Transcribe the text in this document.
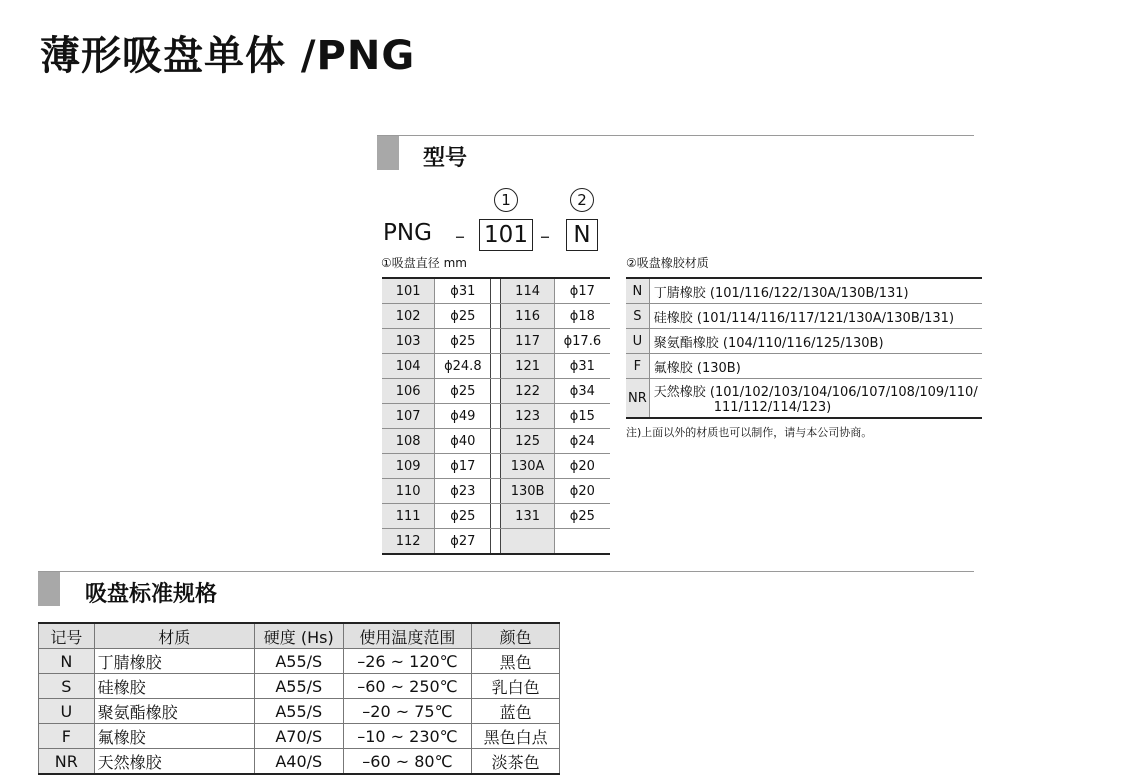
薄形吸盘单体 /PNG
型号
1	2
PNG – 101 –	N
①吸盘直径 mm	②吸盘橡胶材质
101	ϕ31		114	ϕ17
102	ϕ25		116	ϕ18
103	ϕ25		117	ϕ17.6
104	ϕ24.8		121	ϕ31
106	ϕ25		122	ϕ34
107	ϕ49		123	ϕ15
108	ϕ40		125	ϕ24
109	ϕ17		130A	ϕ20
110	ϕ23		130B	ϕ20
111	ϕ25		131	ϕ25
112	ϕ27			
N	丁腈橡胶 (101/116/122/130A/130B/131)
S	硅橡胶 (101/114/116/117/121/130A/130B/131)
U	聚氨酯橡胶 (104/110/116/125/130B)
F	氟橡胶 (130B)
NR	天然橡胶 (101/102/103/104/106/107/108/109/110/
111/112/114/123)
注)上面以外的材质也可以制作，请与本公司协商。
吸盘标准规格
记号	材质	硬度 (Hs)	使用温度范围	颜色
N	丁腈橡胶	A55/S	–26 ~ 120℃	黑色
S	硅橡胶	A55/S	–60 ~ 250℃	乳白色
U	聚氨酯橡胶	A55/S	–20 ~ 75℃	蓝色
F	氟橡胶	A70/S	–10 ~ 230℃	黑色白点
NR	天然橡胶	A40/S	–60 ~ 80℃	淡茶色
